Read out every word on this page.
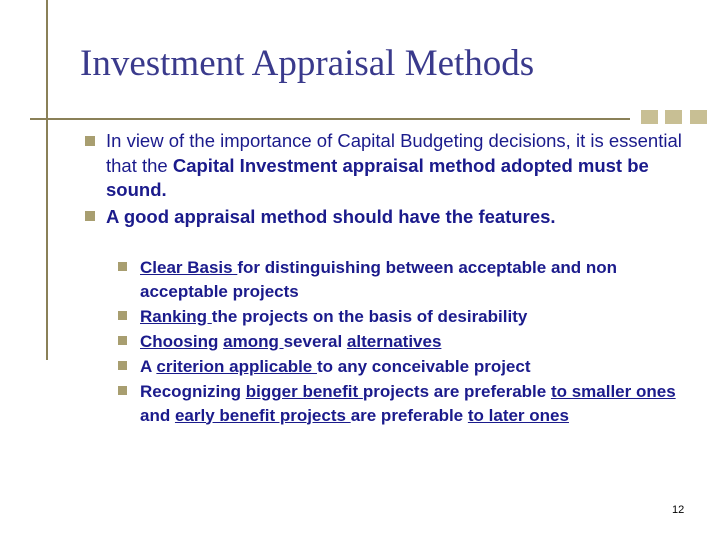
Investment Appraisal Methods
In view of the importance of Capital Budgeting decisions, it is essential that the Capital Investment appraisal method adopted must be sound.
A good appraisal method should have the features.
Clear Basis for distinguishing between acceptable and non acceptable projects
Ranking the projects on the basis of desirability
Choosing among several alternatives
A criterion applicable to any conceivable project
Recognizing bigger benefit projects are preferable to smaller ones and early benefit projects are preferable to later ones
12
